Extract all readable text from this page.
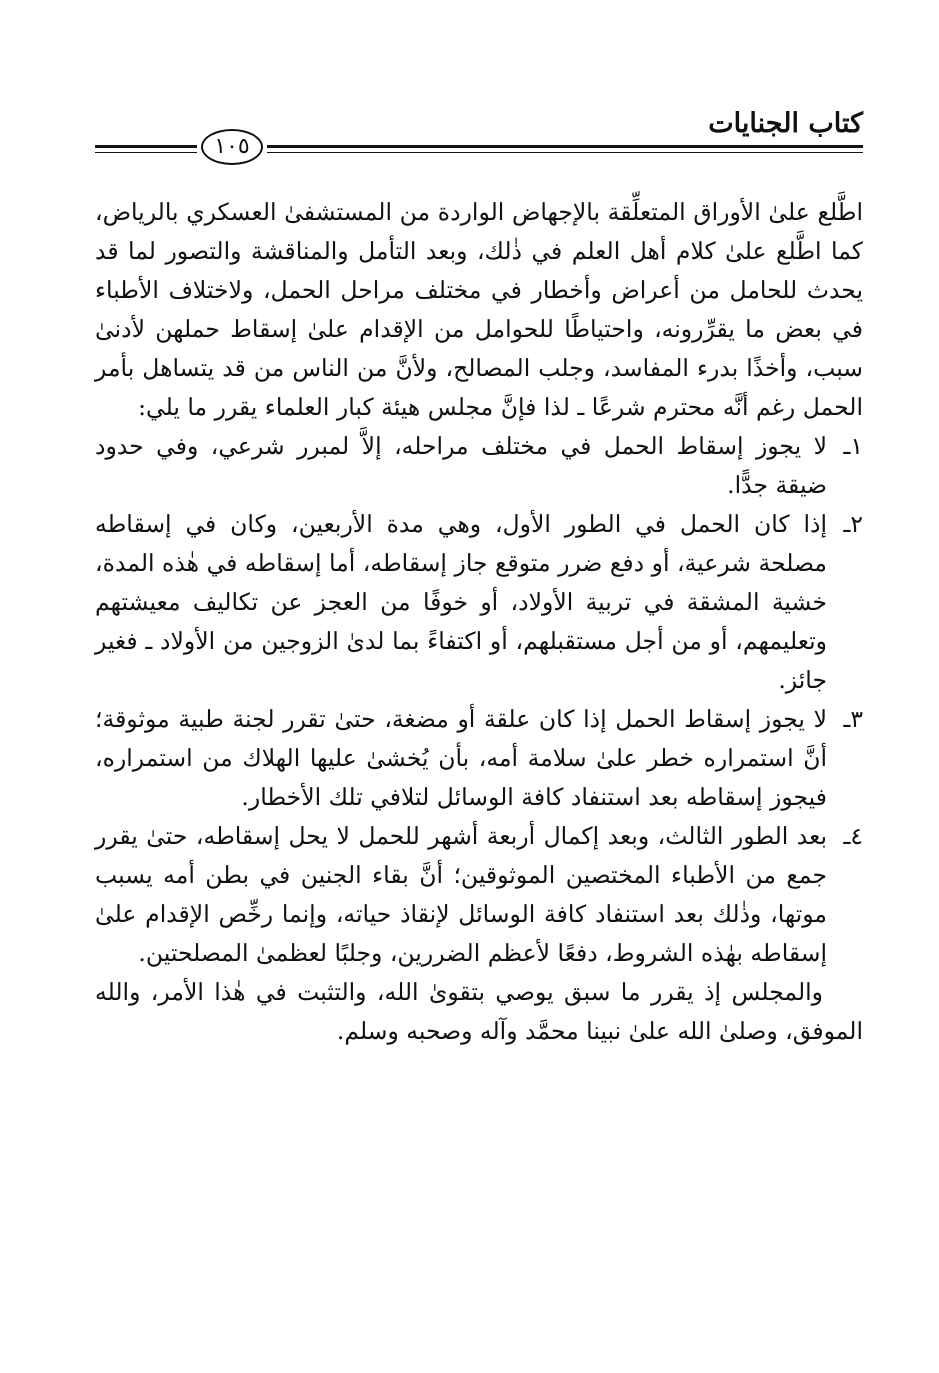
كتاب الجنايات
١٠٥

اطَّلع علىٰ الأوراق المتعلِّقة بالإجهاض الواردة من المستشفىٰ العسكري بالرياض، كما اطَّلع علىٰ كلام أهل العلم في ذٰلك، وبعد التأمل والمناقشة والتصور لما قد يحدث للحامل من أعراض وأخطار في مختلف مراحل الحمل، ولاختلاف الأطباء في بعض ما يقرِّرونه، واحتياطًا للحوامل من الإقدام علىٰ إسقاط حملهن لأدنىٰ سبب، وأخذًا بدرء المفاسد، وجلب المصالح، ولأنَّ من الناس من قد يتساهل بأمر الحمل رغم أنَّه محترم شرعًا ـ لذا فإنَّ مجلس هيئة كبار العلماء يقرر ما يلي:

١ـ
لا يجوز إسقاط الحمل في مختلف مراحله، إلاَّ لمبرر شرعي، وفي حدود ضيقة جدًّا.
٢ـ
إذا كان الحمل في الطور الأول، وهي مدة الأربعين، وكان في إسقاطه مصلحة شرعية، أو دفع ضرر متوقع جاز إسقاطه، أما إسقاطه في هٰذه المدة، خشية المشقة في تربية الأولاد، أو خوفًا من العجز عن تكاليف معيشتهم وتعليمهم، أو من أجل مستقبلهم، أو اكتفاءً بما لدىٰ الزوجين من الأولاد ـ فغير جائز.
٣ـ
لا يجوز إسقاط الحمل إذا كان علقة أو مضغة، حتىٰ تقرر لجنة طبية موثوقة؛ أنَّ استمراره خطر علىٰ سلامة أمه، بأن يُخشىٰ عليها الهلاك من استمراره، فيجوز إسقاطه بعد استنفاد كافة الوسائل لتلافي تلك الأخطار.
٤ـ
بعد الطور الثالث، وبعد إكمال أربعة أشهر للحمل لا يحل إسقاطه، حتىٰ يقرر جمع من الأطباء المختصين الموثوقين؛ أنَّ بقاء الجنين في بطن أمه يسبب موتها، وذٰلك بعد استنفاد كافة الوسائل لإنقاذ حياته، وإنما رخِّص الإقدام علىٰ إسقاطه بهٰذه الشروط، دفعًا لأعظم الضررين، وجلبًا لعظمىٰ المصلحتين.

والمجلس إذ يقرر ما سبق يوصي بتقوىٰ الله، والتثبت في هٰذا الأمر، والله الموفق، وصلىٰ الله علىٰ نبينا محمَّد وآله وصحبه وسلم.
